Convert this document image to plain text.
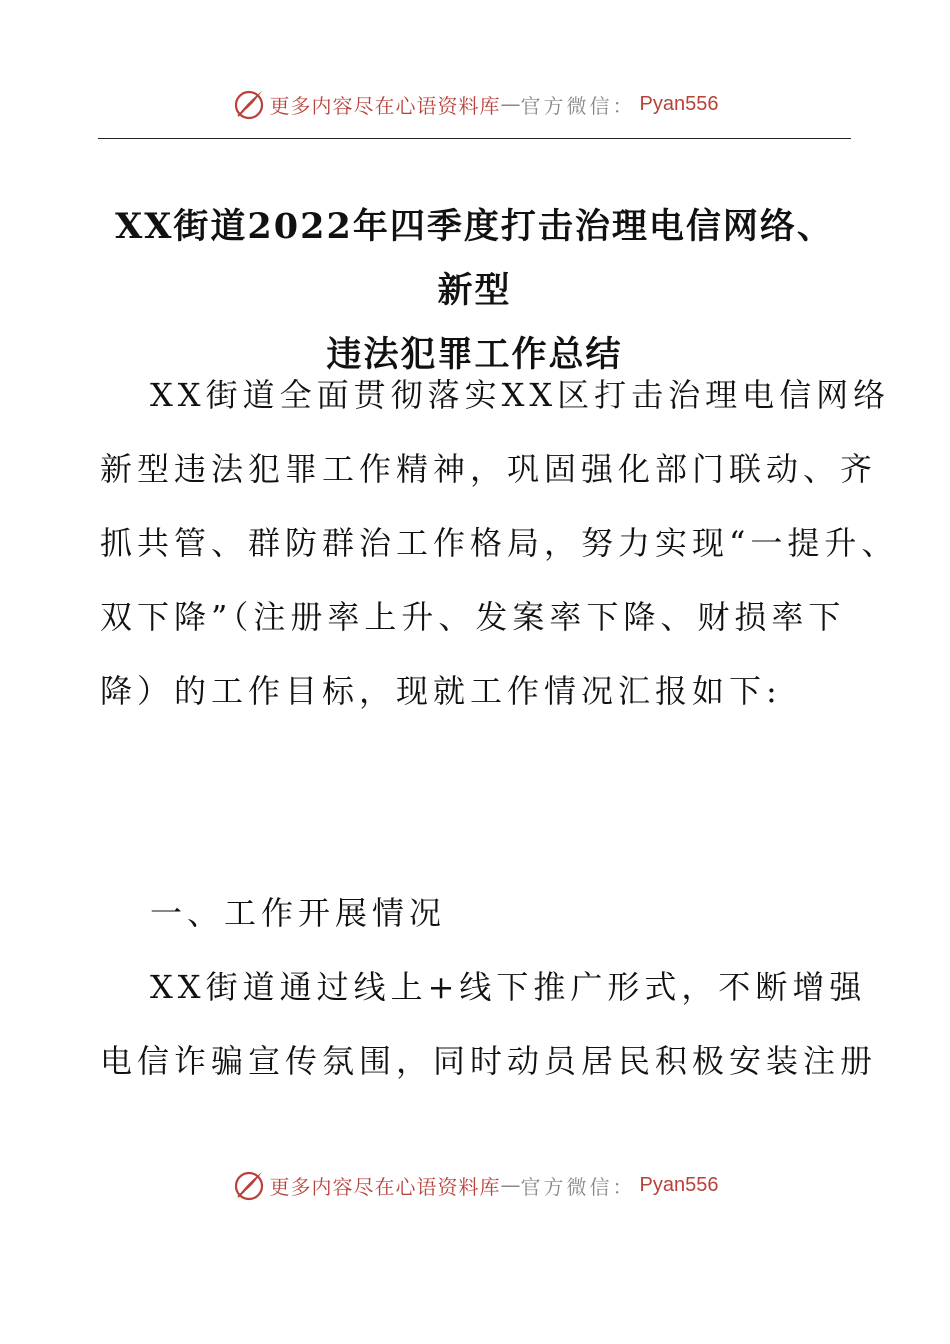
更多内容尽在心语资料库 — 官方微信： Pyan556
XX街道2022年四季度打击治理电信网络、新型
违法犯罪工作总结

XX街道全面贯彻落实XX区打击治理电信网络
新型违法犯罪工作精神，巩固强化部门联动、齐
抓共管、群防群治工作格局，努力实现“一提升、
双下降”（注册率上升、发案率下降、财损率下
降）的工作目标，现就工作情况汇报如下:

一、工作开展情况

XX街道通过线上+线下推广形式，不断增强
电信诈骗宣传氛围，同时动员居民积极安装注册

更多内容尽在心语资料库 — 官方微信： Pyan556
